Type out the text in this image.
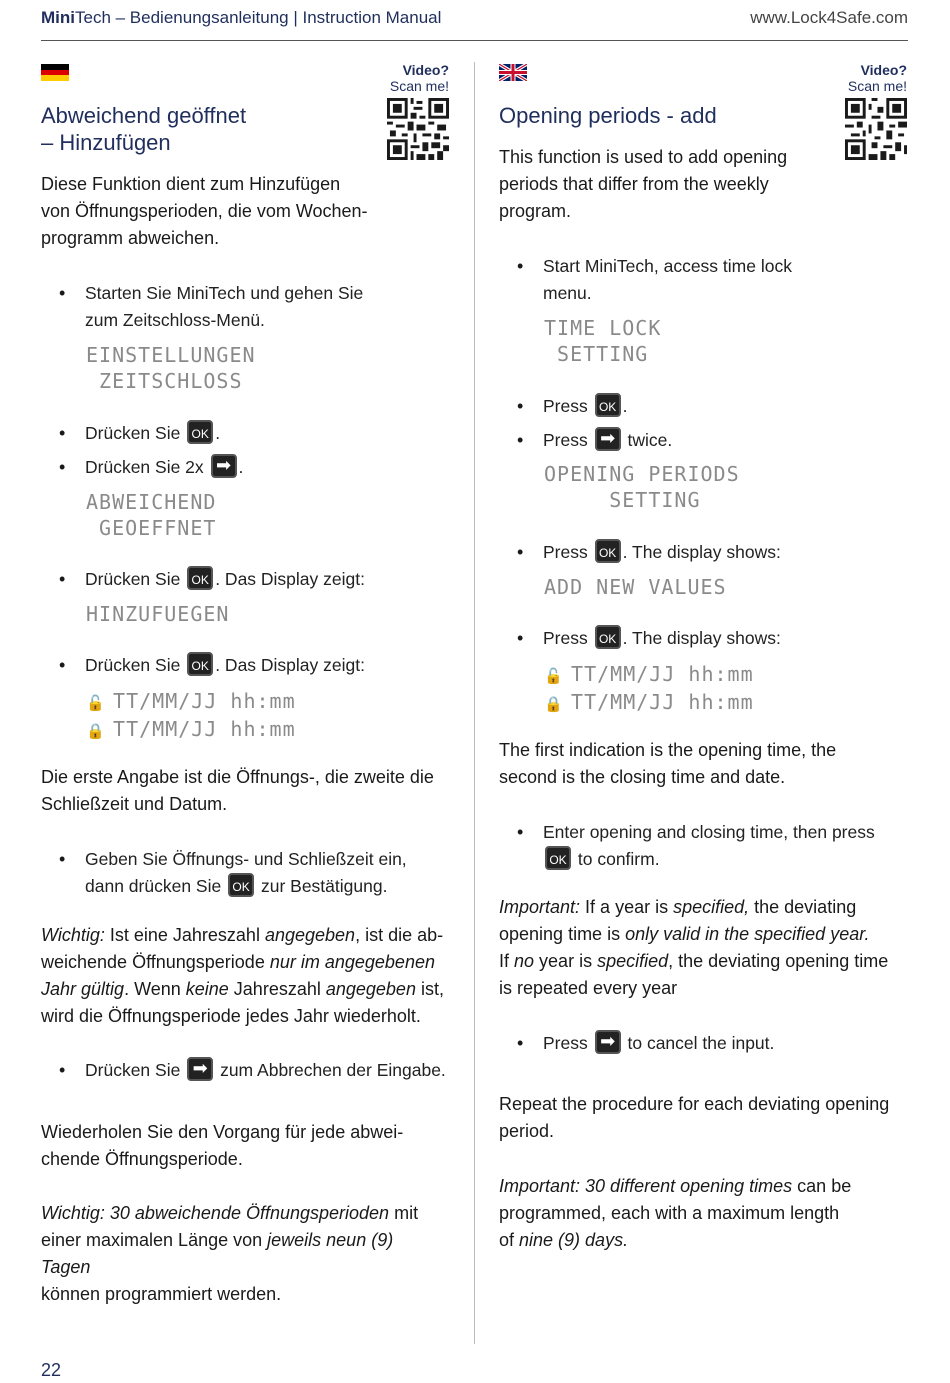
MiniTech – Bedienungsanleitung | Instruction Manual	www.Lock4Safe.com
Video?
Scan me!
Abweichend geöffnet
– Hinzufügen

Diese Funktion dient zum Hinzufügen
von Öffnungsperioden, die vom Wochen-
programm abweichen.

• Starten Sie MiniTech und gehen Sie
zum Zeitschloss-Menü.
EINSTELLUNGEN
ZEITSCHLOSS
• Drücken Sie OK .
• Drücken Sie 2x ➡ .
ABWEICHEND
GEOEFFNET
• Drücken Sie OK . Das Display zeigt:
HINZUFUEGEN
• Drücken Sie OK . Das Display zeigt:
🔓 TT/MM/JJ hh:mm
🔒 TT/MM/JJ hh:mm

Die erste Angabe ist die Öffnungs-, die zweite die
Schließzeit und Datum.

• Geben Sie Öffnungs- und Schließzeit ein,
dann drücken Sie OK zur Bestätigung.

Wichtig: Ist eine Jahreszahl angegeben, ist die ab-
weichende Öffnungsperiode nur im angegebenen
Jahr gültig. Wenn keine Jahreszahl angegeben ist,
wird die Öffnungsperiode jedes Jahr wiederholt.

• Drücken Sie ➡ zum Abbrechen der Eingabe.

Wiederholen Sie den Vorgang für jede abwei-
chende Öffnungsperiode.

Wichtig: 30 abweichende Öffnungsperioden mit
einer maximalen Länge von jeweils neun (9) Tagen
können programmiert werden.

Video?
Scan me!
Opening periods - add

This function is used to add opening
periods that differ from the weekly
program.

• Start MiniTech, access time lock
menu.
TIME LOCK
SETTING
• Press OK .
• Press ➡ twice.
OPENING PERIODS
SETTING
• Press OK . The display shows:
ADD NEW VALUES
• Press OK . The display shows:
🔓 TT/MM/JJ hh:mm
🔒 TT/MM/JJ hh:mm

The first indication is the opening time, the
second is the closing time and date.

• Enter opening and closing time, then press
OK to confirm.

Important: If a year is specified, the deviating
opening time is only valid in the specified year.
If no year is specified, the deviating opening time
is repeated every year

• Press ➡ to cancel the input.

Repeat the procedure for each deviating opening
period.

Important: 30 different opening times can be
programmed, each with a maximum length
of nine (9) days.

22
